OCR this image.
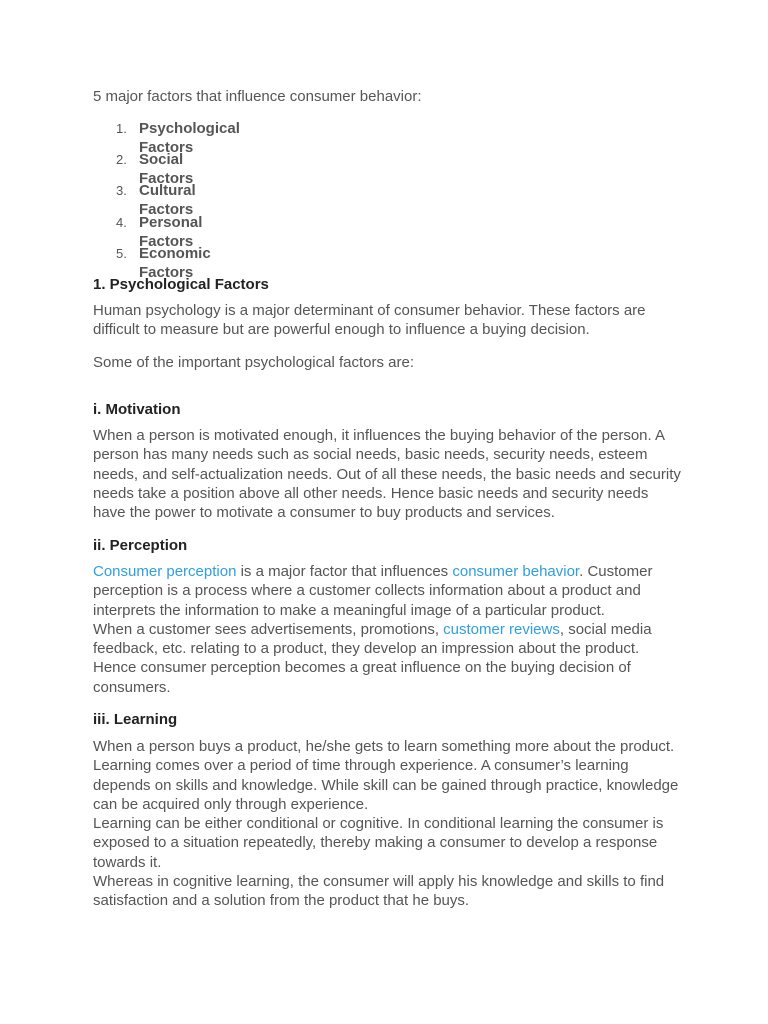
5 major factors that influence consumer behavior:

1. Psychological Factors
2. Social Factors
3. Cultural Factors
4. Personal Factors
5. Economic Factors
1. Psychological Factors

Human psychology is a major determinant of consumer behavior. These factors are difficult to measure but are powerful enough to influence a buying decision.

Some of the important psychological factors are:

i. Motivation

When a person is motivated enough, it influences the buying behavior of the person. A person has many needs such as social needs, basic needs, security needs, esteem needs, and self-actualization needs. Out of all these needs, the basic needs and security needs take a position above all other needs. Hence basic needs and security needs have the power to motivate a consumer to buy products and services.

ii. Perception

Consumer perception is a major factor that influences consumer behavior. Customer perception is a process where a customer collects information about a product and interprets the information to make a meaningful image of a particular product.
When a customer sees advertisements, promotions, customer reviews, social media feedback, etc. relating to a product, they develop an impression about the product. Hence consumer perception becomes a great influence on the buying decision of consumers.

iii. Learning

When a person buys a product, he/she gets to learn something more about the product. Learning comes over a period of time through experience. A consumer’s learning depends on skills and knowledge. While skill can be gained through practice, knowledge can be acquired only through experience.
Learning can be either conditional or cognitive. In conditional learning the consumer is exposed to a situation repeatedly, thereby making a consumer to develop a response towards it.
Whereas in cognitive learning, the consumer will apply his knowledge and skills to find satisfaction and a solution from the product that he buys.
